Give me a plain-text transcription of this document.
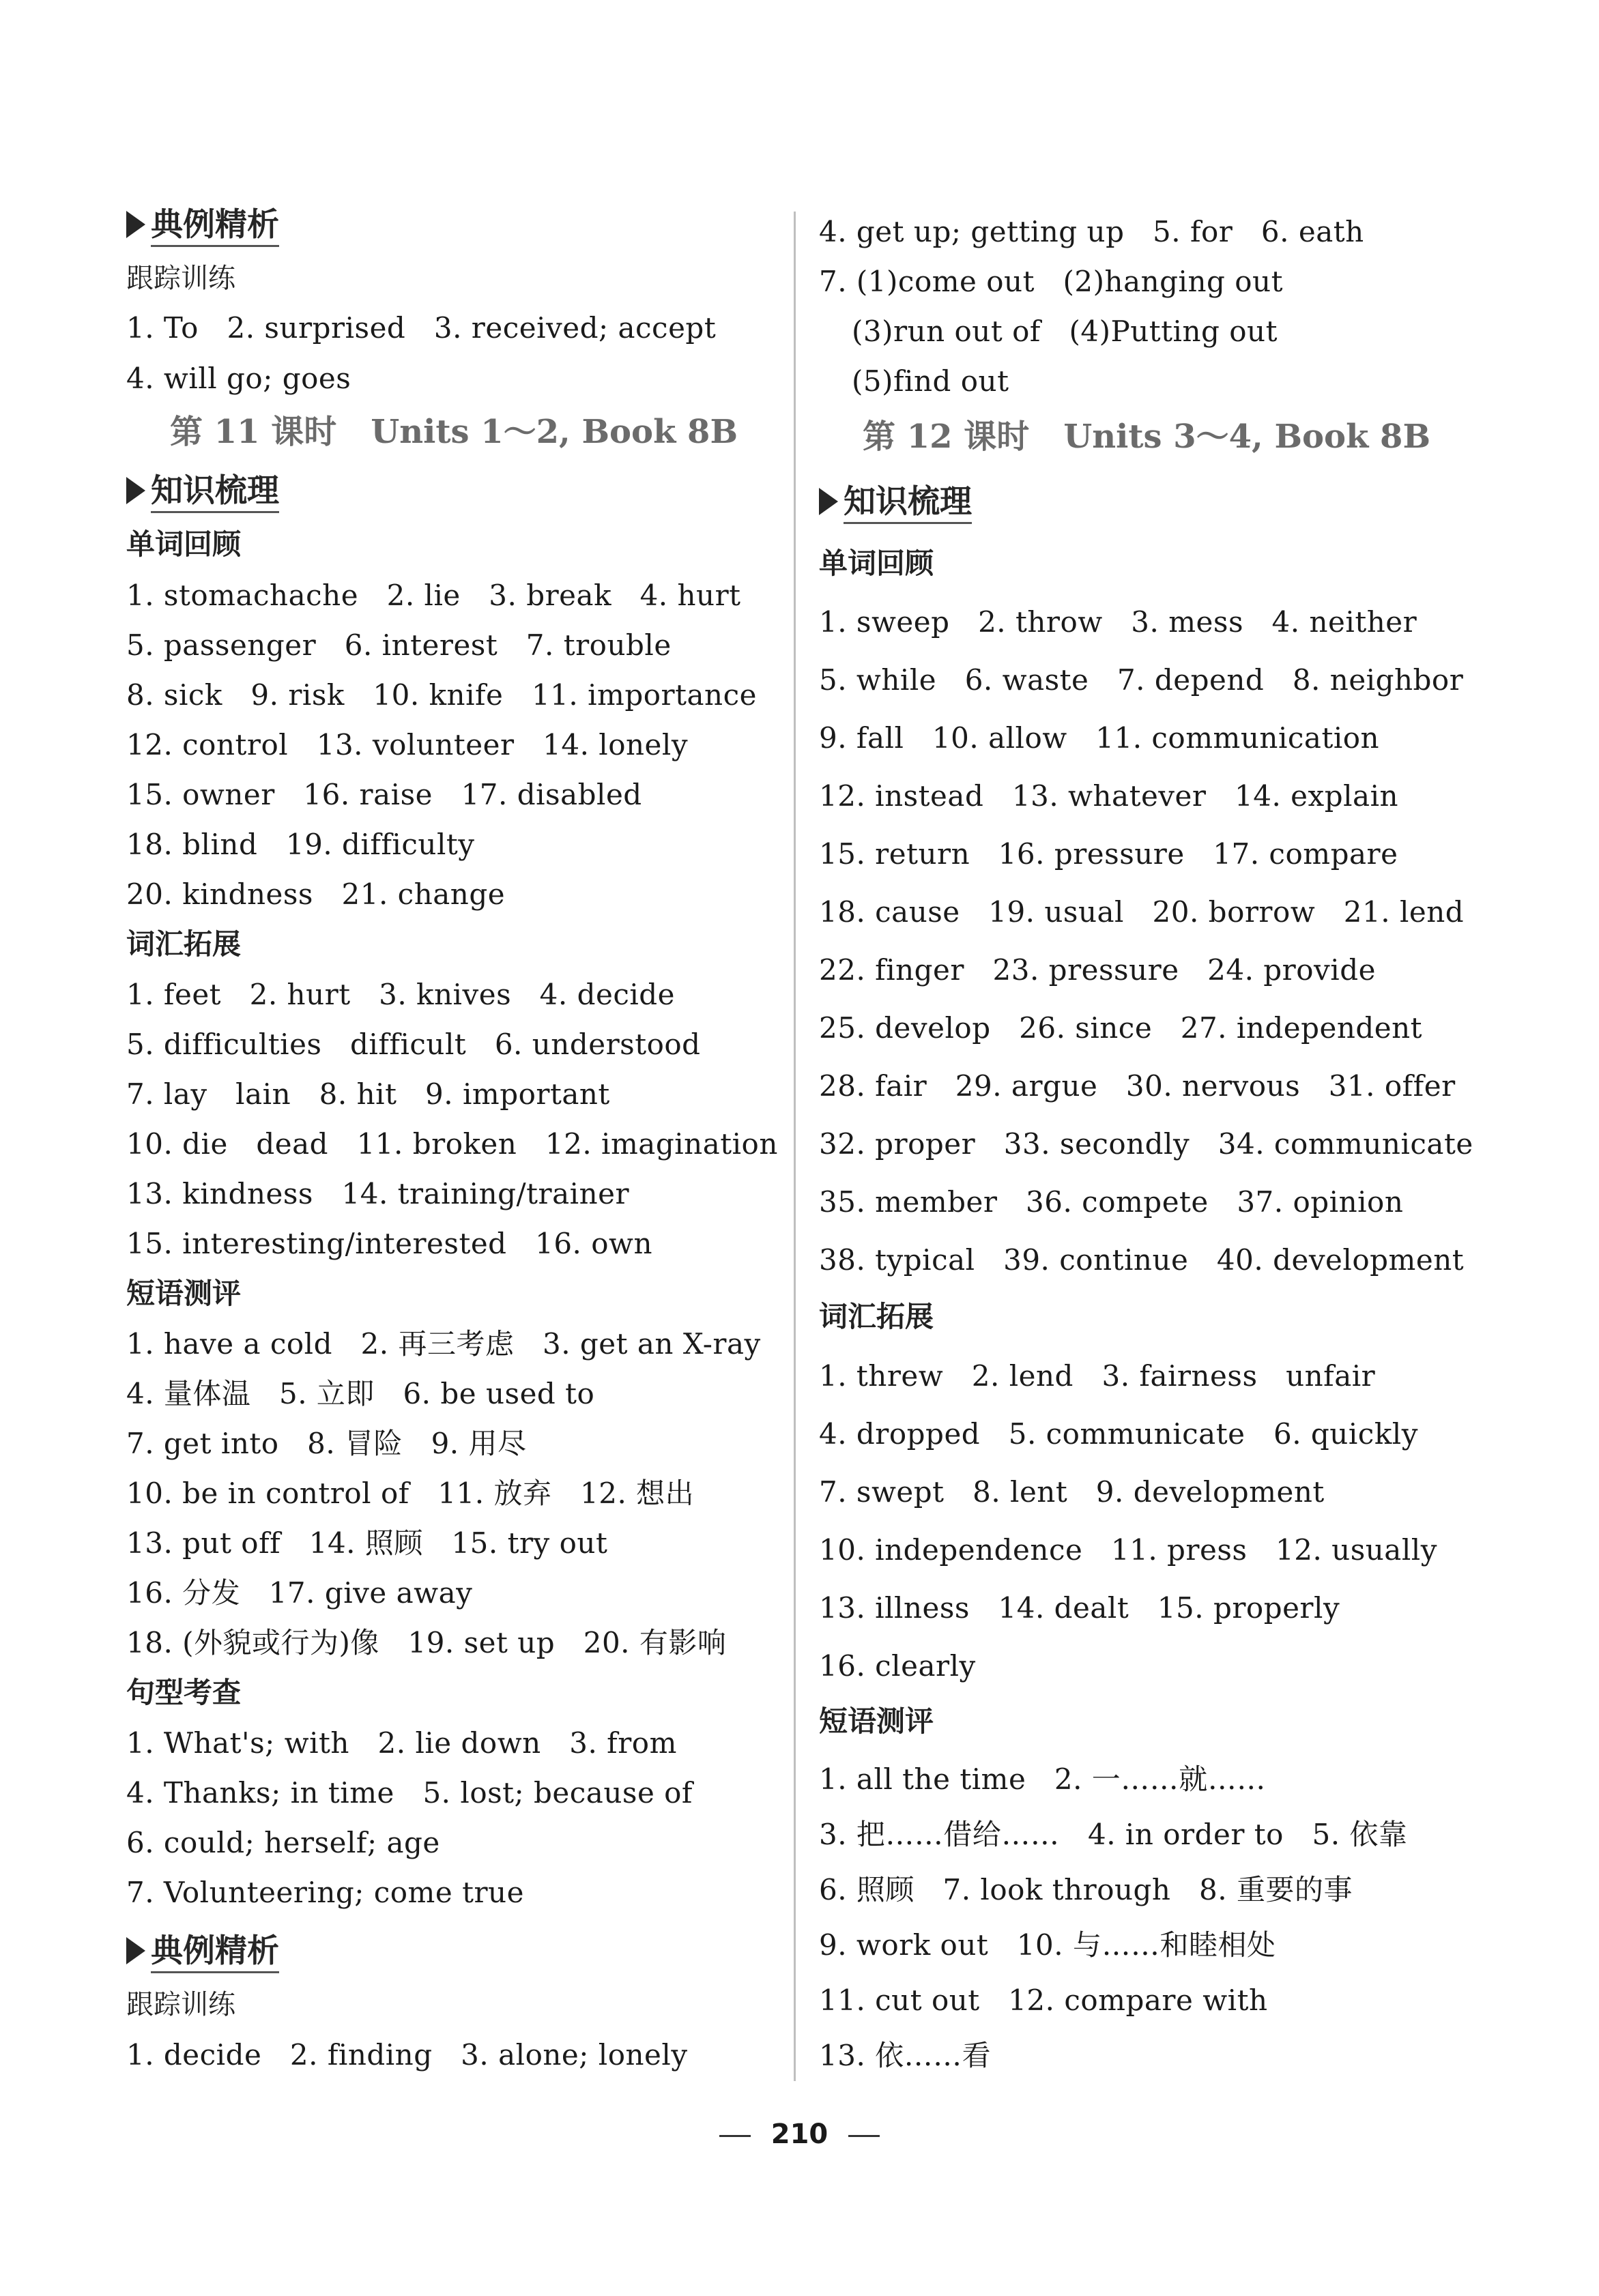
典例精析
跟踪训练
1. To   2. surprised   3. received; accept
4. will go; goes
第 11 课时   Units 1～2, Book 8B
知识梳理
单词回顾
1. stomachache   2. lie   3. break   4. hurt
5. passenger   6. interest   7. trouble
8. sick   9. risk   10. knife   11. importance
12. control   13. volunteer   14. lonely
15. owner   16. raise   17. disabled
18. blind   19. difficulty
20. kindness   21. change
词汇拓展
1. feet   2. hurt   3. knives   4. decide
5. difficulties   difficult   6. understood
7. lay   lain   8. hit   9. important
10. die   dead   11. broken   12. imagination
13. kindness   14. training/trainer
15. interesting/interested   16. own
短语测评
1. have a cold   2. 再三考虑   3. get an X-ray
4. 量体温   5. 立即   6. be used to
7. get into   8. 冒险   9. 用尽
10. be in control of   11. 放弃   12. 想出
13. put off   14. 照顾   15. try out
16. 分发   17. give away
18. (外貌或行为)像   19. set up   20. 有影响
句型考查
1. What's; with   2. lie down   3. from
4. Thanks; in time   5. lost; because of
6. could; herself; age
7. Volunteering; come true
典例精析
跟踪训练
1. decide   2. finding   3. alone; lonely
4. get up; getting up   5. for   6. eath
7. (1)come out   (2)hanging out
(3)run out of   (4)Putting out
(5)find out
第 12 课时   Units 3～4, Book 8B
知识梳理
单词回顾
1. sweep   2. throw   3. mess   4. neither
5. while   6. waste   7. depend   8. neighbor
9. fall   10. allow   11. communication
12. instead   13. whatever   14. explain
15. return   16. pressure   17. compare
18. cause   19. usual   20. borrow   21. lend
22. finger   23. pressure   24. provide
25. develop   26. since   27. independent
28. fair   29. argue   30. nervous   31. offer
32. proper   33. secondly   34. communicate
35. member   36. compete   37. opinion
38. typical   39. continue   40. development
词汇拓展
1. threw   2. lend   3. fairness   unfair
4. dropped   5. communicate   6. quickly
7. swept   8. lent   9. development
10. independence   11. press   12. usually
13. illness   14. dealt   15. properly
16. clearly
短语测评
1. all the time   2. 一……就……
3. 把……借给……   4. in order to   5. 依靠
6. 照顾   7. look through   8. 重要的事
9. work out   10. 与……和睦相处
11. cut out   12. compare with
13. 依……看
210
